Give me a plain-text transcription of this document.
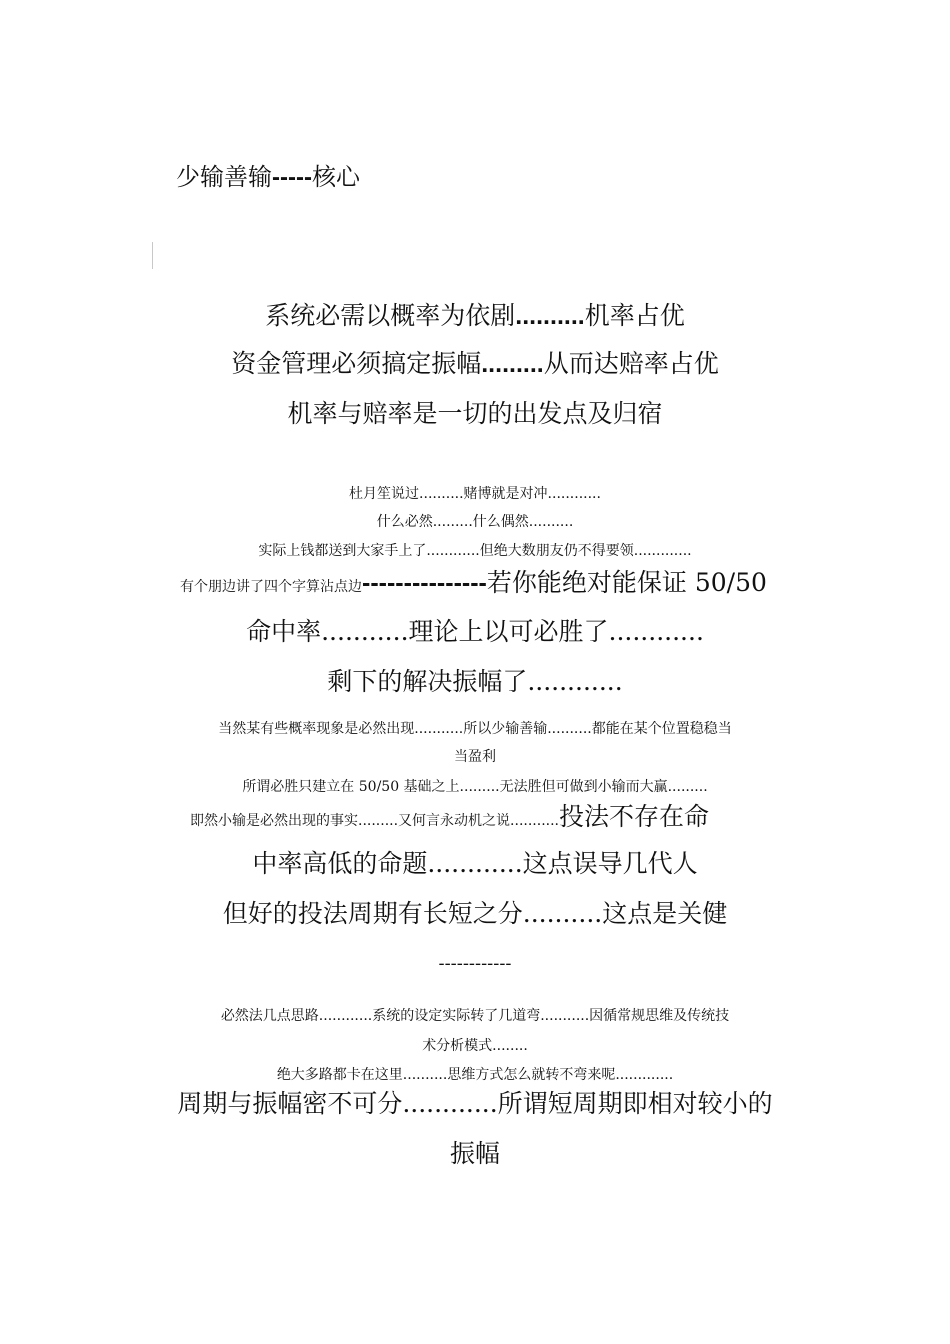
少输善输-----核心
系统必需以概率为依剧..........机率占优
资金管理必须搞定振幅.........从而达赔率占优
机率与赔率是一切的出发点及归宿
杜月笙说过..........赌博就是对冲............
什么必然.........什么偶然..........
实际上钱都送到大家手上了............但绝大数朋友仍不得要领.............
有个朋边讲了四个字算沾点边---------------若你能绝对能保证 50/50
命中率...........理论上以可必胜了............
剩下的解决振幅了............
当然某有些概率现象是必然出现...........所以少输善输..........都能在某个位置稳稳当
当盈利
所谓必胜只建立在 50/50 基础之上.........无法胜但可做到小输而大赢.........
即然小输是必然出现的事实.........又何言永动机之说...........投法不存在命
中率高低的命题............这点误导几代人
但好的投法周期有长短之分..........这点是关健
------------
必然法几点思路............系统的设定实际转了几道弯...........因循常规思维及传统技
术分析模式........
绝大多路都卡在这里..........思维方式怎么就转不弯来呢.............
周期与振幅密不可分............所谓短周期即相对较小的
振幅
